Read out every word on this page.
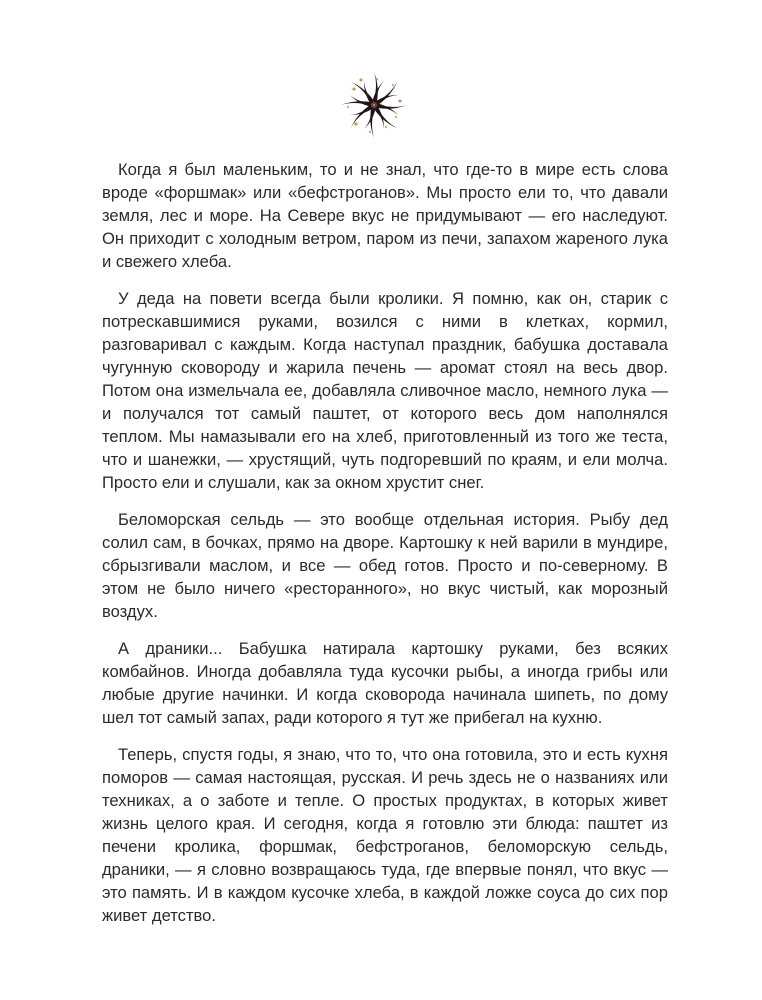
Когда я был маленьким, то и не знал, что где-то в мире есть слова вроде «форшмак» или «бефстроганов». Мы просто ели то, что давали земля, лес и море. На Севере вкус не придумывают — его наследуют. Он приходит с холодным ветром, паром из печи, запахом жареного лука и свежего хлеба.

У деда на повети всегда были кролики. Я помню, как он, старик с потрескавшимися руками, возился с ними в клетках, кормил, разговаривал с каждым. Когда наступал праздник, бабушка доставала чугунную сковороду и жарила печень — аромат стоял на весь двор. Потом она измельчала ее, добавляла сливочное масло, немного лука — и получался тот самый паштет, от которого весь дом наполнялся теплом. Мы намазывали его на хлеб, приготовленный из того же теста, что и шанежки, — хрустящий, чуть подгоревший по краям, и ели молча. Просто ели и слушали, как за окном хрустит снег.

Беломорская сельдь — это вообще отдельная история. Рыбу дед солил сам, в бочках, прямо на дворе. Картошку к ней варили в мундире, сбрызгивали маслом, и все — обед готов. Просто и по-северному. В этом не было ничего «ресторанного», но вкус чистый, как морозный воздух.

А драники... Бабушка натирала картошку руками, без всяких комбайнов. Иногда добавляла туда кусочки рыбы, а иногда грибы или любые другие начинки. И когда сковорода начинала шипеть, по дому шел тот самый запах, ради которого я тут же прибегал на кухню.

Теперь, спустя годы, я знаю, что то, что она готовила, это и есть кухня поморов — самая настоящая, русская. И речь здесь не о названиях или техниках, а о заботе и тепле. О простых продуктах, в которых живет жизнь целого края. И сегодня, когда я готовлю эти блюда: паштет из печени кролика, форшмак, бефстроганов, беломорскую сельдь, драники, — я словно возвращаюсь туда, где впервые понял, что вкус — это память. И в каждом кусочке хлеба, в каждой ложке соуса до сих пор живет детство.
